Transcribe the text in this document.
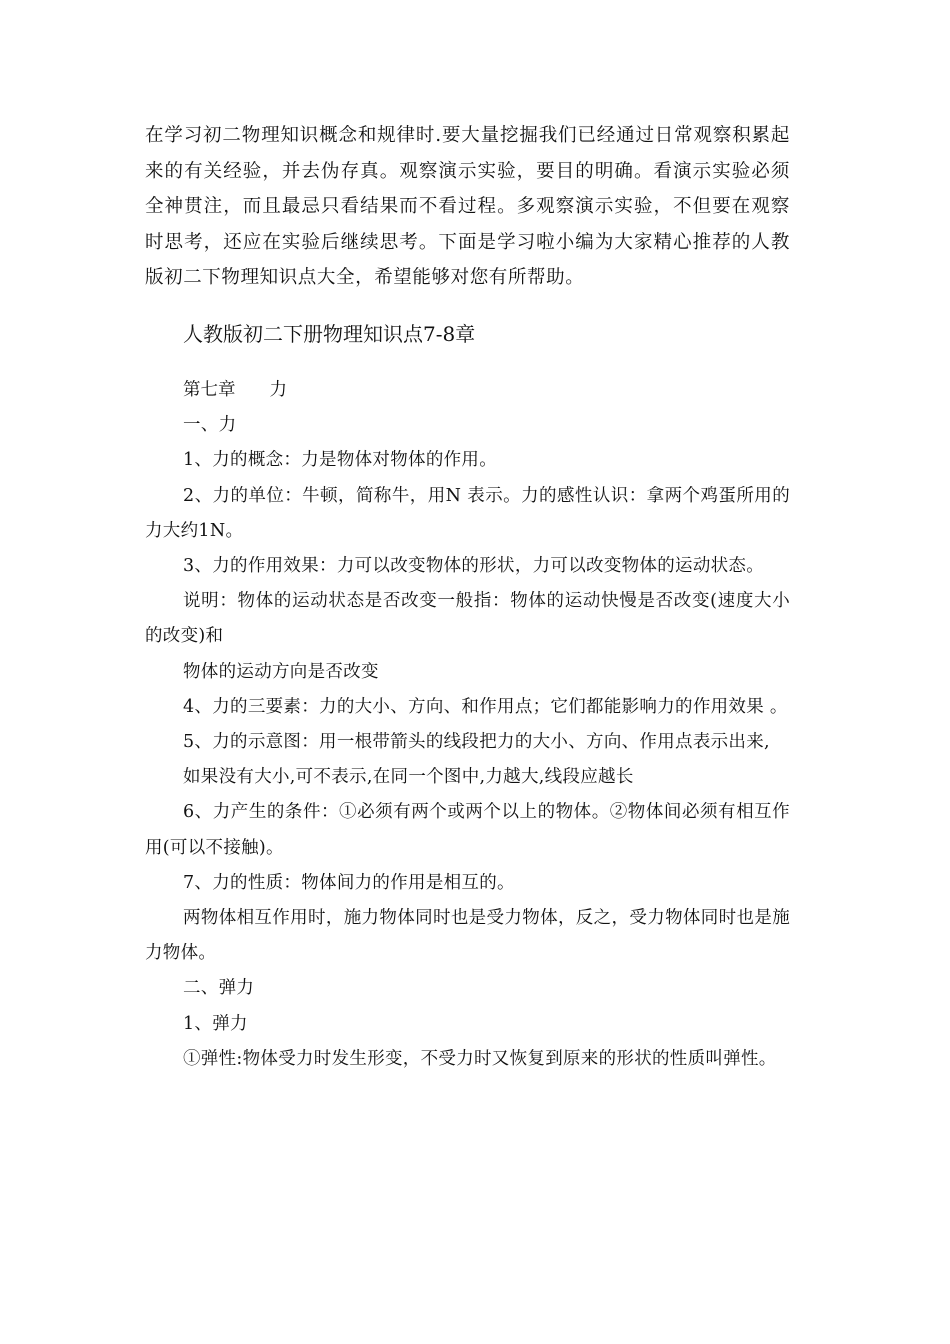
在学习初二物理知识概念和规律时.要大量挖掘我们已经通过日常观察积累起来的有关经验，并去伪存真。观察演示实验，要目的明确。看演示实验必须全神贯注，而且最忌只看结果而不看过程。多观察演示实验，不但要在观察时思考，还应在实验后继续思考。下面是学习啦小编为大家精心推荐的人教版初二下物理知识点大全，希望能够对您有所帮助。

人教版初二下册物理知识点7-8章

第七章 力

一、力

1、力的概念：力是物体对物体的作用。

2、力的单位：牛顿，简称牛，用N 表示。力的感性认识：拿两个鸡蛋所用的力大约1N。

3、力的作用效果：力可以改变物体的形状，力可以改变物体的运动状态。

说明：物体的运动状态是否改变一般指：物体的运动快慢是否改变(速度大小的改变)和

物体的运动方向是否改变

4、力的三要素：力的大小、方向、和作用点；它们都能影响力的作用效果 。

5、力的示意图：用一根带箭头的线段把力的大小、方向、作用点表示出来,

如果没有大小,可不表示,在同一个图中,力越大,线段应越长

6、力产生的条件：①必须有两个或两个以上的物体。②物体间必须有相互作用(可以不接触)。

7、力的性质：物体间力的作用是相互的。

两物体相互作用时，施力物体同时也是受力物体，反之，受力物体同时也是施力物体。

二、弹力

1、弹力

①弹性:物体受力时发生形变，不受力时又恢复到原来的形状的性质叫弹性。
